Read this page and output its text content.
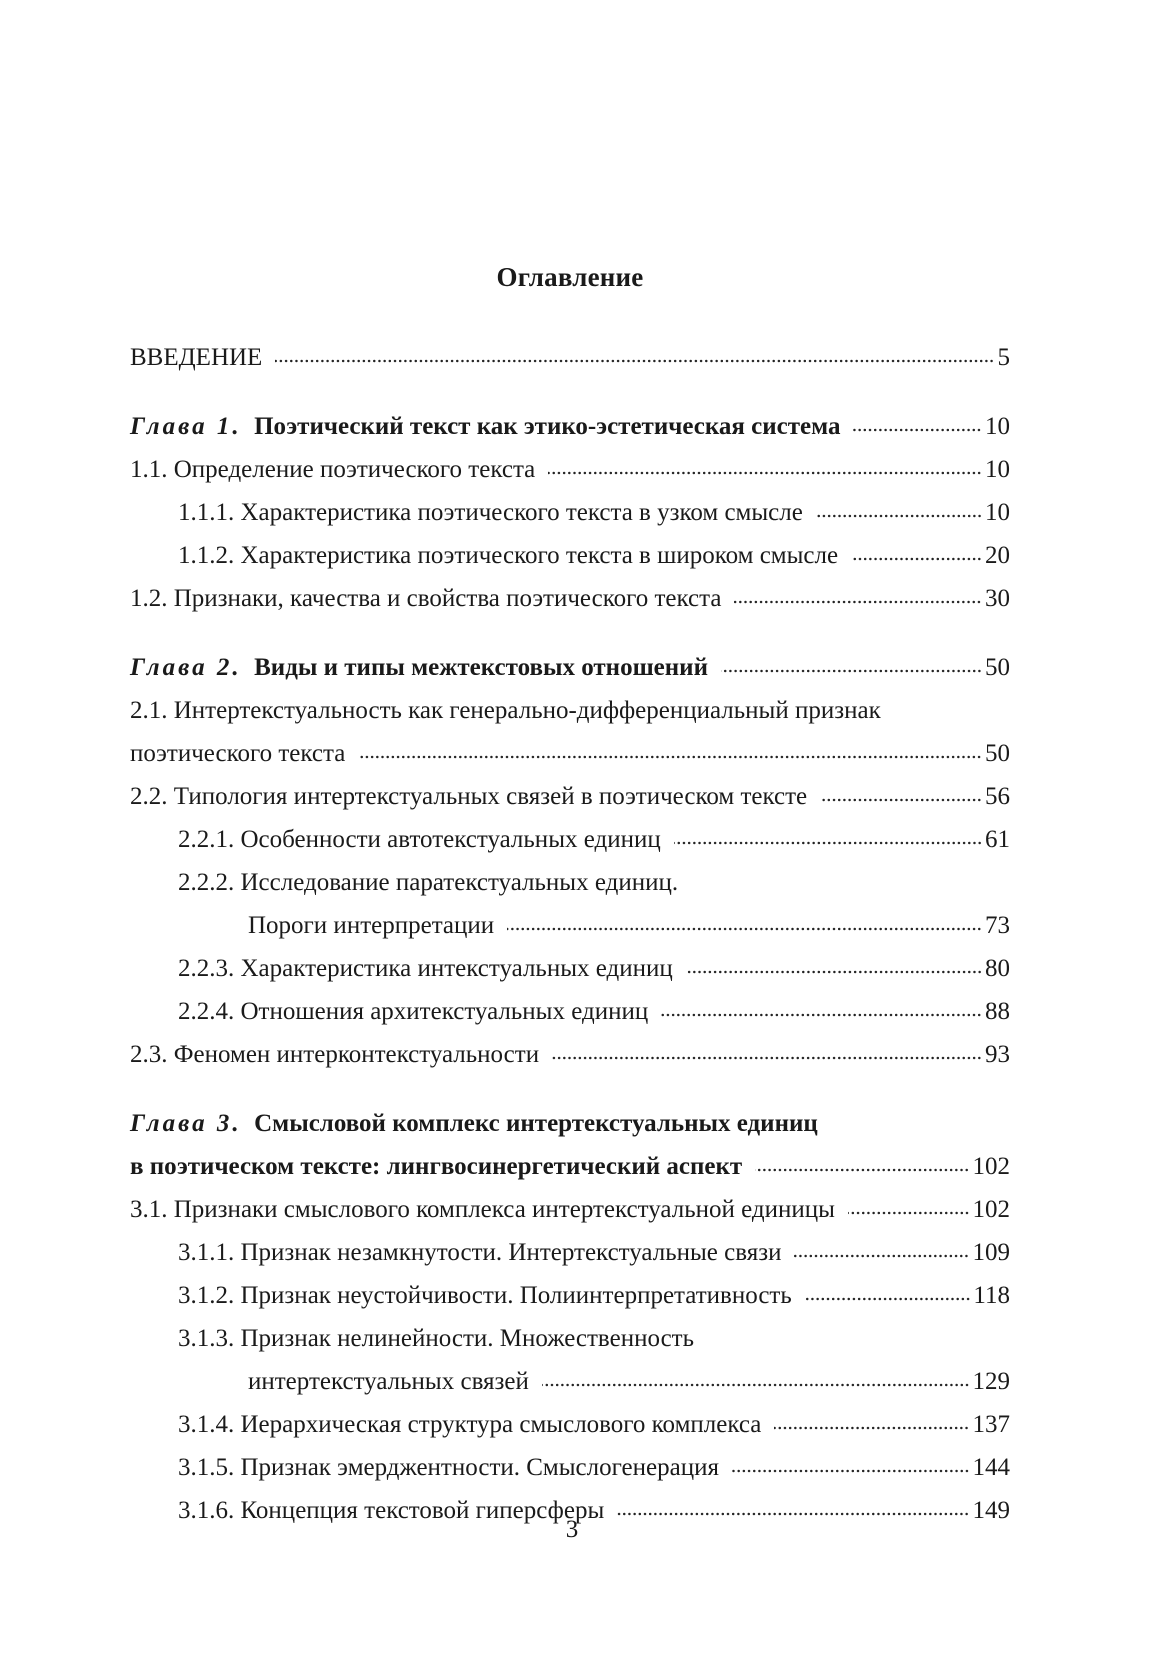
Оглавление
ВВЕДЕНИЕ	5
Глава 1. Поэтический текст как этико-эстетическая система	10
1.1. Определение поэтического текста	10
1.1.1. Характеристика поэтического текста в узком смысле	10
1.1.2. Характеристика поэтического текста в широком смысле	20
1.2. Признаки, качества и свойства поэтического текста	30
Глава 2. Виды и типы межтекстовых отношений	50
2.1. Интертекстуальность как генерально-дифференциальный признак
поэтического текста	50
2.2. Типология интертекстуальных связей в поэтическом тексте	56
2.2.1. Особенности автотекстуальных единиц	61
2.2.2. Исследование паратекстуальных единиц.
Пороги интерпретации	73
2.2.3. Характеристика интекстуальных единиц	80
2.2.4. Отношения архитекстуальных единиц	88
2.3. Феномен интерконтекстуальности	93
Глава 3. Смысловой комплекс интертекстуальных единиц
в поэтическом тексте: лингвосинергетический аспект	102
3.1. Признаки смыслового комплекса интертекстуальной единицы	102
3.1.1. Признак незамкнутости. Интертекстуальные связи	109
3.1.2. Признак неустойчивости. Полиинтерпретативность	118
3.1.3. Признак нелинейности. Множественность
интертекстуальных связей	129
3.1.4. Иерархическая структура смыслового комплекса	137
3.1.5. Признак эмерджентности. Смыслогенерация	144
3.1.6. Концепция текстовой гиперсферы	149
3
